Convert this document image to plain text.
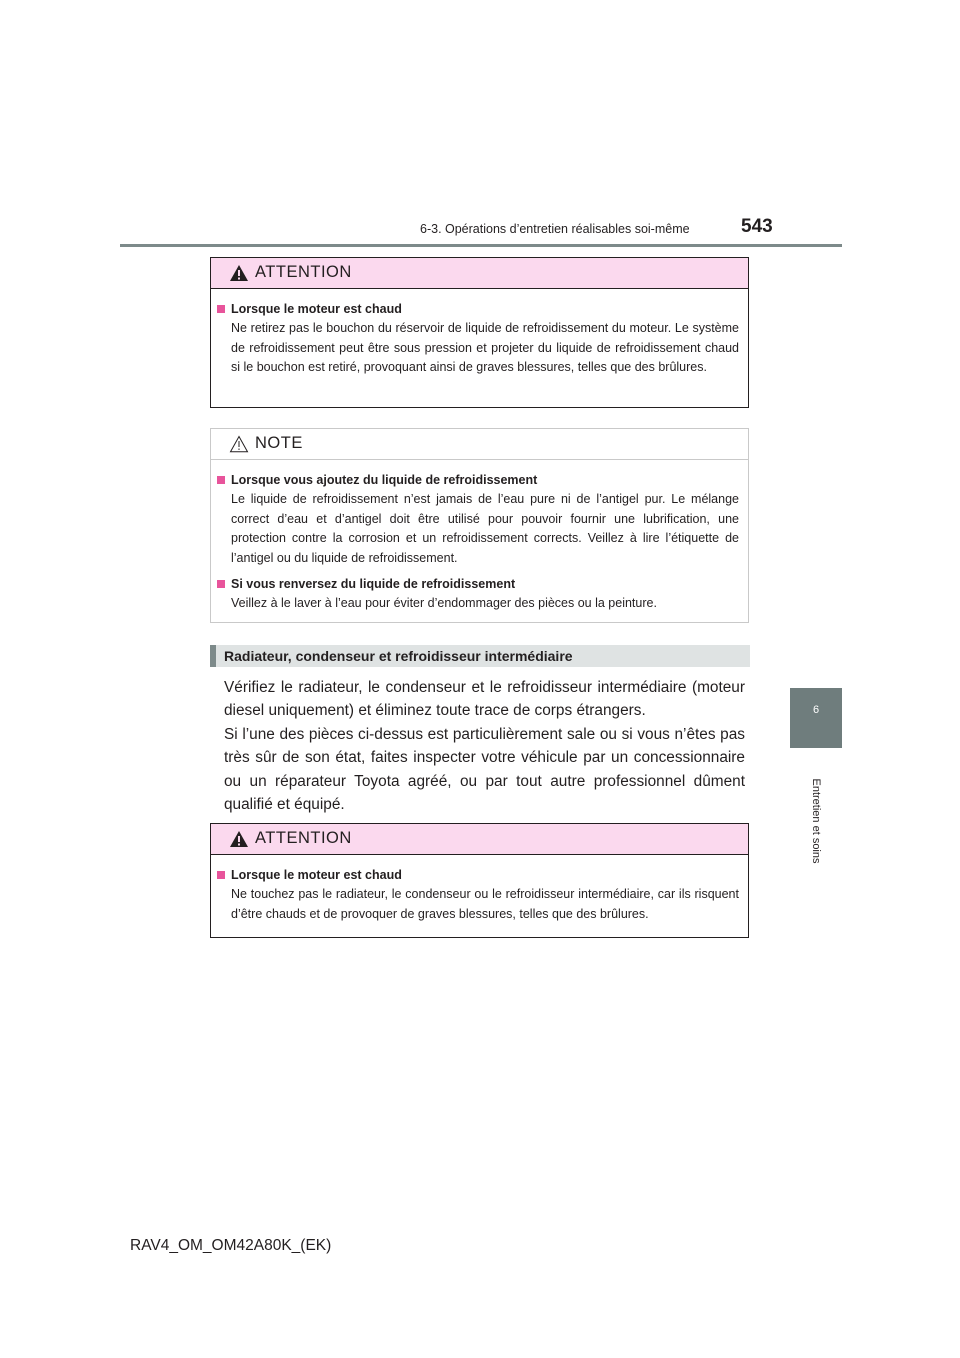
6-3. Opérations d’entretien réalisables soi-même	543
6
Entretien et soins
ATTENTION
Lorsque le moteur est chaud
Ne retirez pas le bouchon du réservoir de liquide de refroidissement du moteur. Le système de refroidissement peut être sous pression et projeter du liquide de refroidissement chaud si le bouchon est retiré, provoquant ainsi de graves blessures, telles que des brûlures.
NOTE
Lorsque vous ajoutez du liquide de refroidissement
Le liquide de refroidissement n’est jamais de l’eau pure ni de l’antigel pur. Le mélange correct d’eau et d’antigel doit être utilisé pour pouvoir fournir une lubrification, une protection contre la corrosion et un refroidissement corrects. Veillez à lire l’étiquette de l’antigel ou du liquide de refroidissement.
Si vous renversez du liquide de refroidissement
Veillez à le laver à l’eau pour éviter d’endommager des pièces ou la peinture.
Radiateur, condenseur et refroidisseur intermédiaire

Vérifiez le radiateur, le condenseur et le refroidisseur intermédiaire (moteur diesel uniquement) et éliminez toute trace de corps étrangers.

Si l’une des pièces ci-dessus est particulièrement sale ou si vous n’êtes pas très sûr de son état, faites inspecter votre véhicule par un concessionnaire ou un réparateur Toyota agréé, ou par tout autre professionnel dûment qualifié et équipé.

ATTENTION
Lorsque le moteur est chaud
Ne touchez pas le radiateur, le condenseur ou le refroidisseur intermédiaire, car ils risquent d’être chauds et de provoquer de graves blessures, telles que des brûlures.
RAV4_OM_OM42A80K_(EK)
